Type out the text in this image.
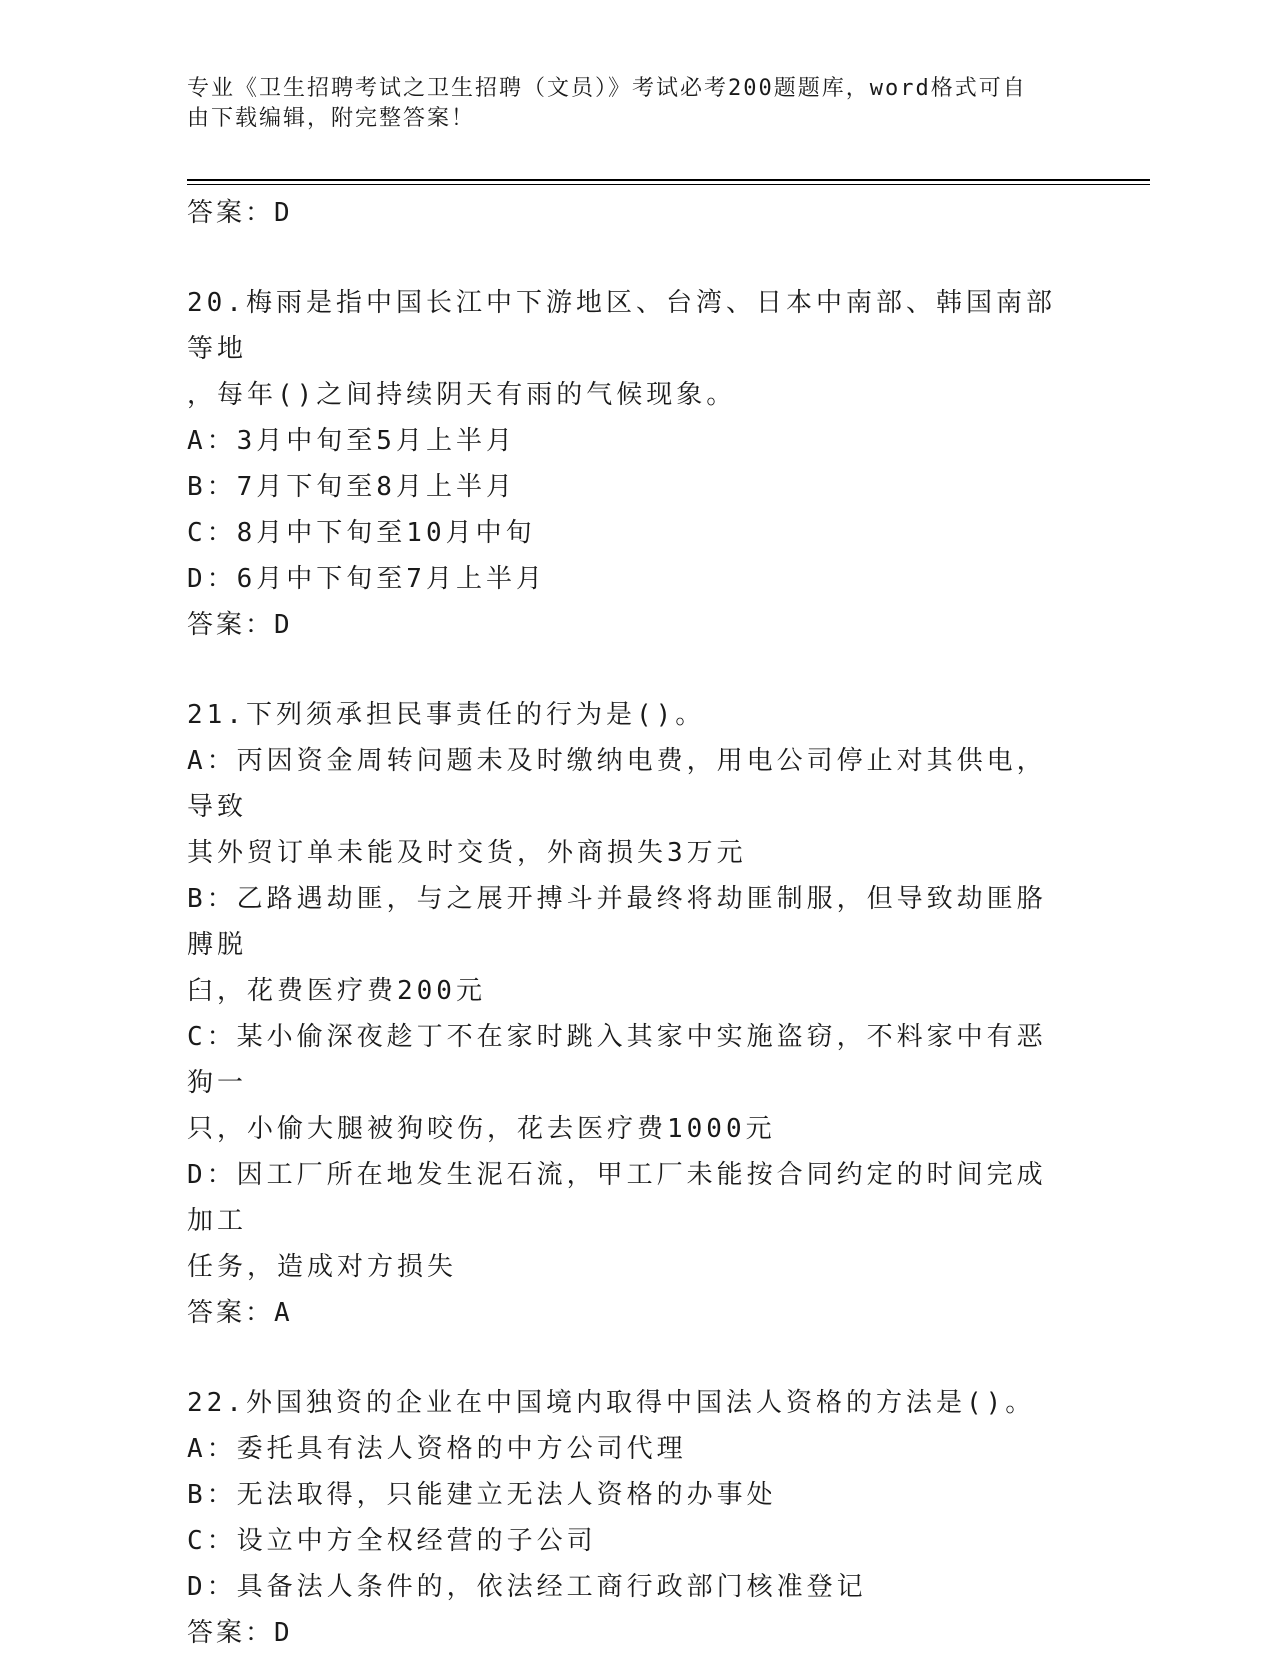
专业《卫生招聘考试之卫生招聘（文员）》考试必考200题题库，word格式可自
由下载编辑，附完整答案！
答案：D
20.梅雨是指中国长江中下游地区、台湾、日本中南部、韩国南部等地
，每年()之间持续阴天有雨的气候现象。
A：3月中旬至5月上半月
B：7月下旬至8月上半月
C：8月中下旬至10月中旬
D：6月中下旬至7月上半月
答案：D
21.下列须承担民事责任的行为是()。
A：丙因资金周转问题未及时缴纳电费，用电公司停止对其供电，导致
其外贸订单未能及时交货，外商损失3万元
B：乙路遇劫匪，与之展开搏斗并最终将劫匪制服，但导致劫匪胳膊脱
臼，花费医疗费200元
C：某小偷深夜趁丁不在家时跳入其家中实施盗窃，不料家中有恶狗一
只，小偷大腿被狗咬伤，花去医疗费1000元
D：因工厂所在地发生泥石流，甲工厂未能按合同约定的时间完成加工
任务，造成对方损失
答案：A
22.外国独资的企业在中国境内取得中国法人资格的方法是()。
A：委托具有法人资格的中方公司代理
B：无法取得，只能建立无法人资格的办事处
C：设立中方全权经营的子公司
D：具备法人条件的，依法经工商行政部门核准登记
答案：D
